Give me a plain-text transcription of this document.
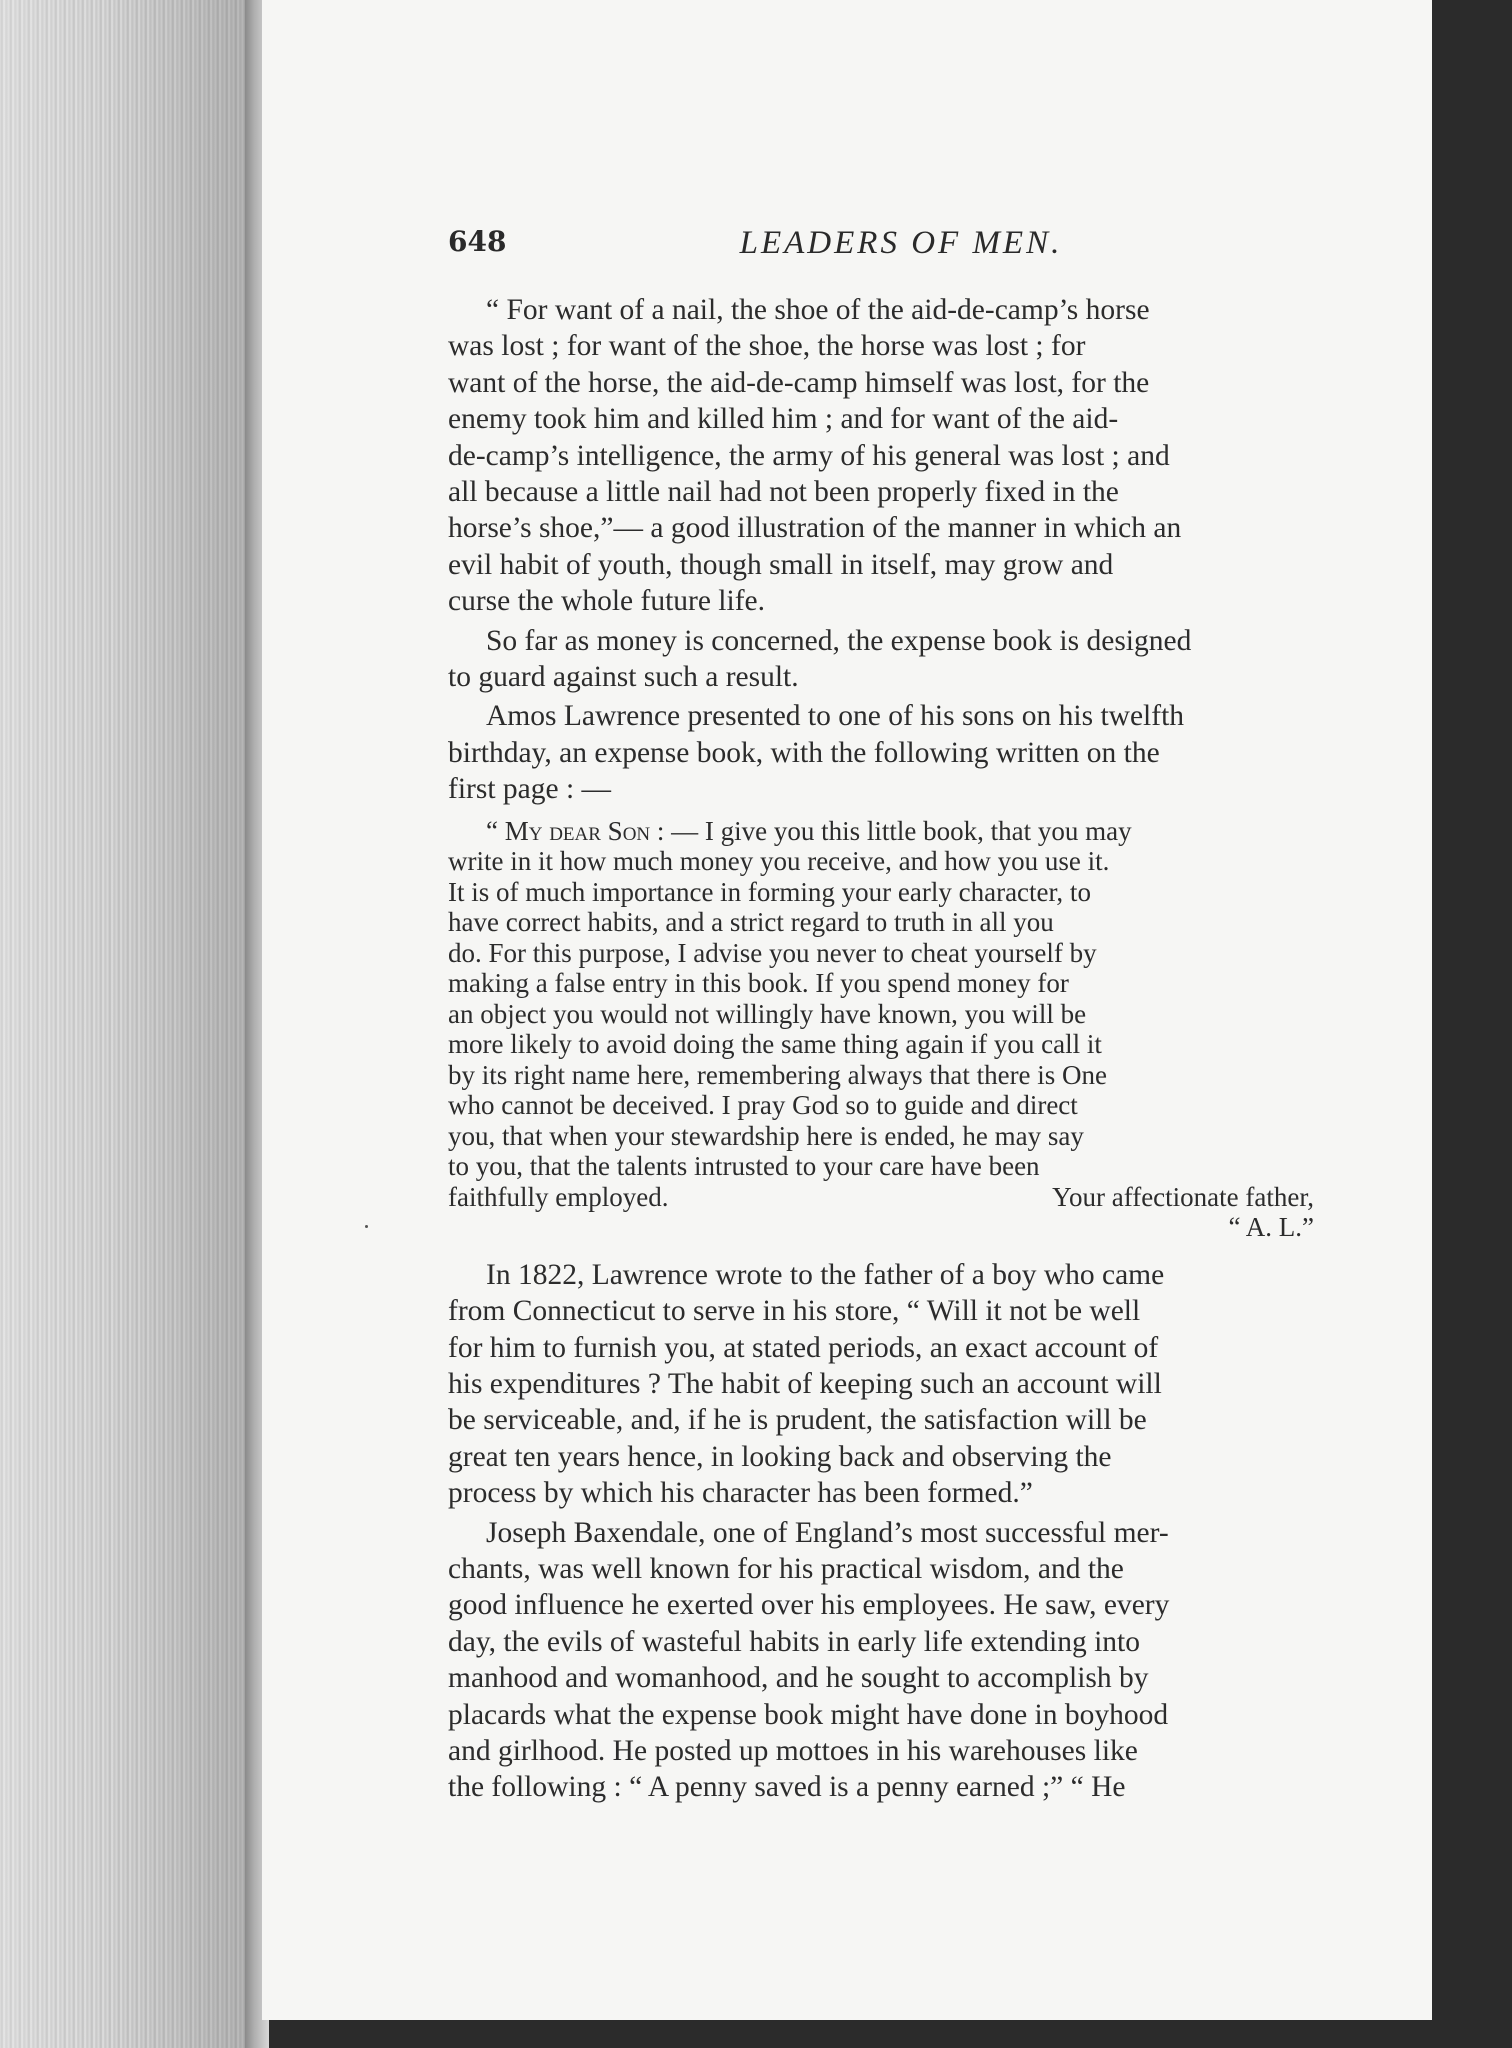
648	LEADERS OF MEN.

“ For want of a nail, the shoe of the aid-de-camp’s horse
was lost ; for want of the shoe, the horse was lost ; for
want of the horse, the aid-de-camp himself was lost, for the
enemy took him and killed him ; and for want of the aid-
de-camp’s intelligence, the army of his general was lost ; and
all because a little nail had not been properly fixed in the
horse’s shoe,”— a good illustration of the manner in which an
evil habit of youth, though small in itself, may grow and
curse the whole future life.

So far as money is concerned, the expense book is designed
to guard against such a result.

Amos Lawrence presented to one of his sons on his twelfth
birthday, an expense book, with the following written on the
first page : —

“ My dear Son : — I give you this little book, that you may
write in it how much money you receive, and how you use it.
It is of much importance in forming your early character, to
have correct habits, and a strict regard to truth in all you
do. For this purpose, I advise you never to cheat yourself by
making a false entry in this book. If you spend money for
an object you would not willingly have known, you will be
more likely to avoid doing the same thing again if you call it
by its right name here, remembering always that there is One
who cannot be deceived. I pray God so to guide and direct
you, that when your stewardship here is ended, he may say
to you, that the talents intrusted to your care have been
faithfully employed.	Your affectionate father,
“ A. L.”

In 1822, Lawrence wrote to the father of a boy who came
from Connecticut to serve in his store, “ Will it not be well
for him to furnish you, at stated periods, an exact account of
his expenditures ? The habit of keeping such an account will
be serviceable, and, if he is prudent, the satisfaction will be
great ten years hence, in looking back and observing the
process by which his character has been formed.”

Joseph Baxendale, one of England’s most successful mer-
chants, was well known for his practical wisdom, and the
good influence he exerted over his employees. He saw, every
day, the evils of wasteful habits in early life extending into
manhood and womanhood, and he sought to accomplish by
placards what the expense book might have done in boyhood
and girlhood. He posted up mottoes in his warehouses like
the following : “ A penny saved is a penny earned ;” “ He
